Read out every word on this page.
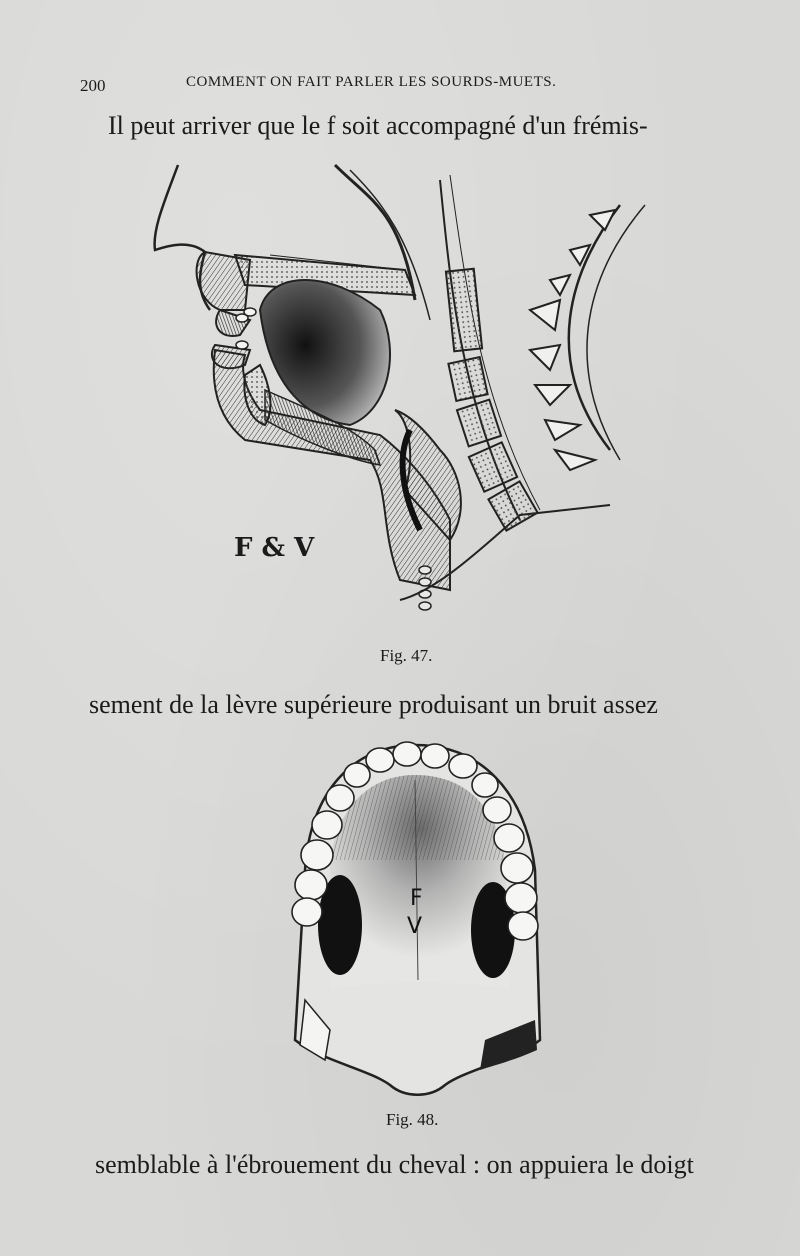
200	COMMENT ON FAIT PARLER LES SOURDS-MUETS.
Il peut arriver que le f soit accompagné d'un frémis-
F & V
Fig. 47.
sement de la lèvre supérieure produisant un bruit assez
F
V
Fig. 48.
semblable à l'ébrouement du cheval : on appuiera le doigt
